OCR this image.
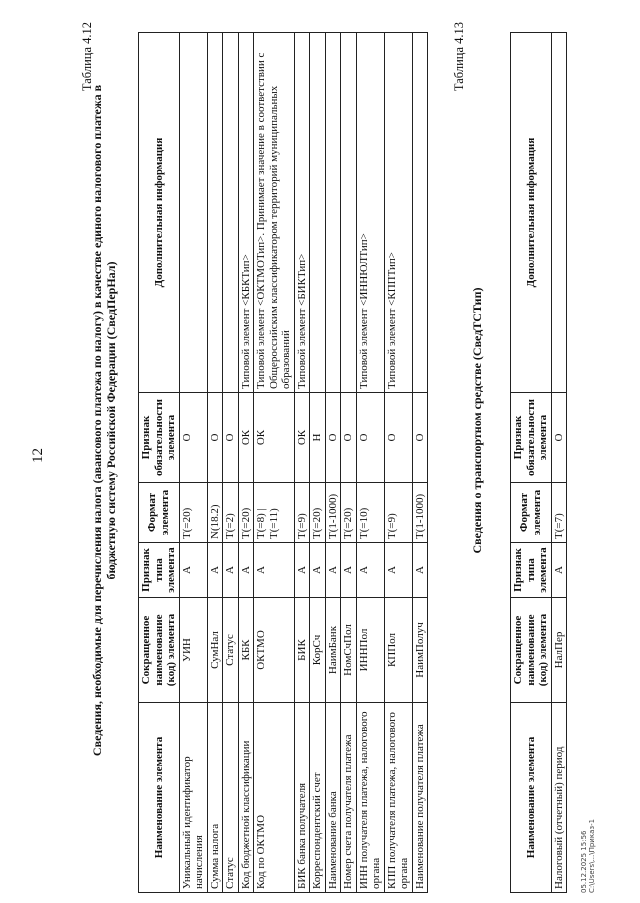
12
Таблица 4.12
Сведения, необходимые для перечисления налога (авансового платежа по налогу) в качестве единого налогового платежа в бюджетную систему Российской Федерации (СведПерНал)
Наименование элемента	Сокращенное наименование (код) элемента	Признак типа элемента	Формат элемента	Признак обязательности элемента	Дополнительная информация
Уникальный идентификатор начисления	УИН	А	Т(=20)	О	
Сумма налога	СумНал	А	N(18.2)	О	
Статус	Статус	А	Т(=2)	О	
Код бюджетной классификации	КБК	А	Т(=20)	ОК	Типовой элемент <КБКТип>
Код по ОКТМО	ОКТМО	А	Т(=8) | Т(=11)	ОК	Типовой элемент <ОКТМОТип>. Принимает значение в соответствии с Общероссийским классификатором территорий муниципальных образований
БИК банка получателя	БИК	А	Т(=9)	ОК	Типовой элемент <БИКТип>
Корреспондентский счет	КорСч	А	Т(=20)	Н	
Наименование банка	НаимБанк	А	Т(1-1000)	О	
Номер счета получателя платежа	НомСчПол	А	Т(=20)	О	
ИНН получателя платежа, налогового органа	ИННПол	А	Т(=10)	О	Типовой элемент <ИННЮЛТип>
КПП получателя платежа, налогового органа	КППол	А	Т(=9)	О	Типовой элемент <КППТип>
Наименование получателя платежа	НаимПолуч	А	Т(1-1000)	О	
Таблица 4.13
Сведения о транспортном средстве (СведТСТип)
Наименование элемента	Сокращенное наименование (код) элемента	Признак типа элемента	Формат элемента	Признак обязательности элемента	Дополнительная информация
Налоговый (отчетный) период	НалПер	А	Т(=7)	О	
05.12.2025 15:56 С:\Users\...\Приказ-1
